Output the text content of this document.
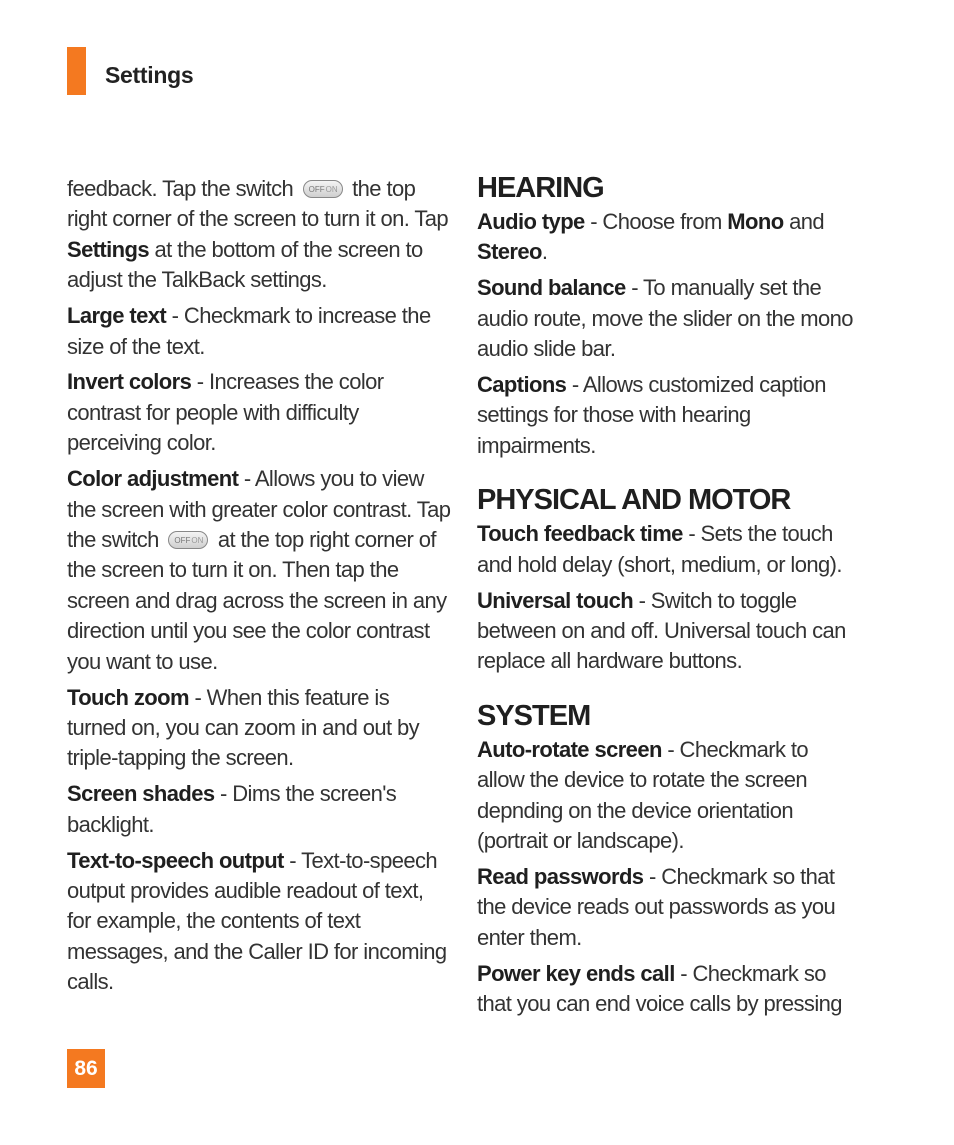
Settings

feedback. Tap the switch OFF ON the top right corner of the screen to turn it on. Tap Settings at the bottom of the screen to adjust the TalkBack settings.

Large text - Checkmark to increase the size of the text.

Invert colors - Increases the color contrast for people with difficulty perceiving color.

Color adjustment - Allows you to view the screen with greater color contrast. Tap the switch OFF ON at the top right corner of the screen to turn it on. Then tap the screen and drag across the screen in any direction until you see the color contrast you want to use.

Touch zoom - When this feature is turned on, you can zoom in and out by triple-tapping the screen.

Screen shades - Dims the screen's backlight.

Text-to-speech output - Text-to-speech output provides audible readout of text, for example, the contents of text messages, and the Caller ID for incoming calls.

HEARING

Audio type - Choose from Mono and Stereo.

Sound balance - To manually set the audio route, move the slider on the mono audio slide bar.

Captions - Allows customized caption settings for those with hearing impairments.

PHYSICAL AND MOTOR

Touch feedback time - Sets the touch and hold delay (short, medium, or long).

Universal touch - Switch to toggle between on and off. Universal touch can replace all hardware buttons.

SYSTEM

Auto-rotate screen - Checkmark to allow the device to rotate the screen depnding on the device orientation (portrait or landscape).

Read passwords - Checkmark so that the device reads out passwords as you enter them.

Power key ends call - Checkmark so that you can end voice calls by pressing

86
